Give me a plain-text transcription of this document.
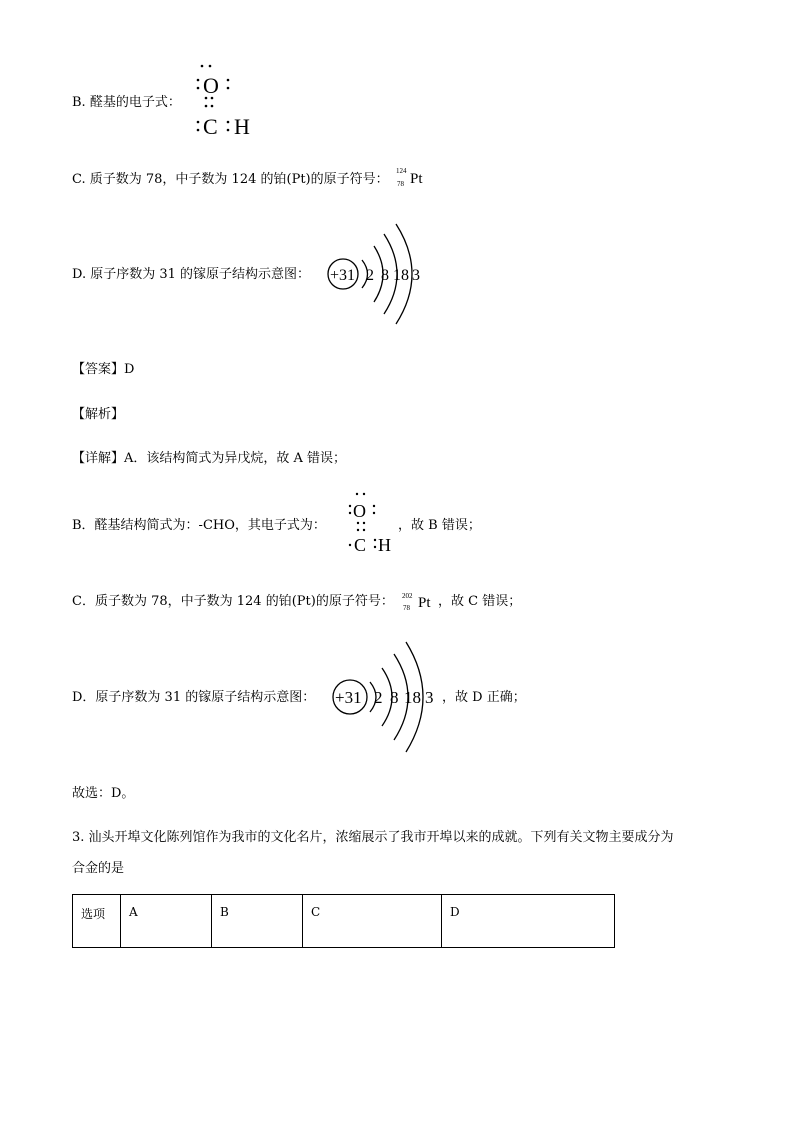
B. 醛基的电子式：
O
C H
C. 质子数为 78，中子数为 124 的铂(Pt)的原子符号：
124
78 Pt
D. 原子序数为 31 的镓原子结构示意图： +31 2 8 18 3
【答案】D
【解析】
【详解】A．该结构简式为异戊烷，故 A 错误；
B．醛基结构简式为：-CHO，其电子式为：
O
C H
，故 B 错误；
C．质子数为 78，中子数为 124 的铂(Pt)的原子符号： 202
78 Pt ，故 C 错误；
D．原子序数为 31 的镓原子结构示意图： +31 2 8 18 3 ，故 D 正确；
故选：D。
3. 汕头开埠文化陈列馆作为我市的文化名片，浓缩展示了我市开埠以来的成就。下列有关文物主要成分为
合金的是
选项	A	B	C	D
